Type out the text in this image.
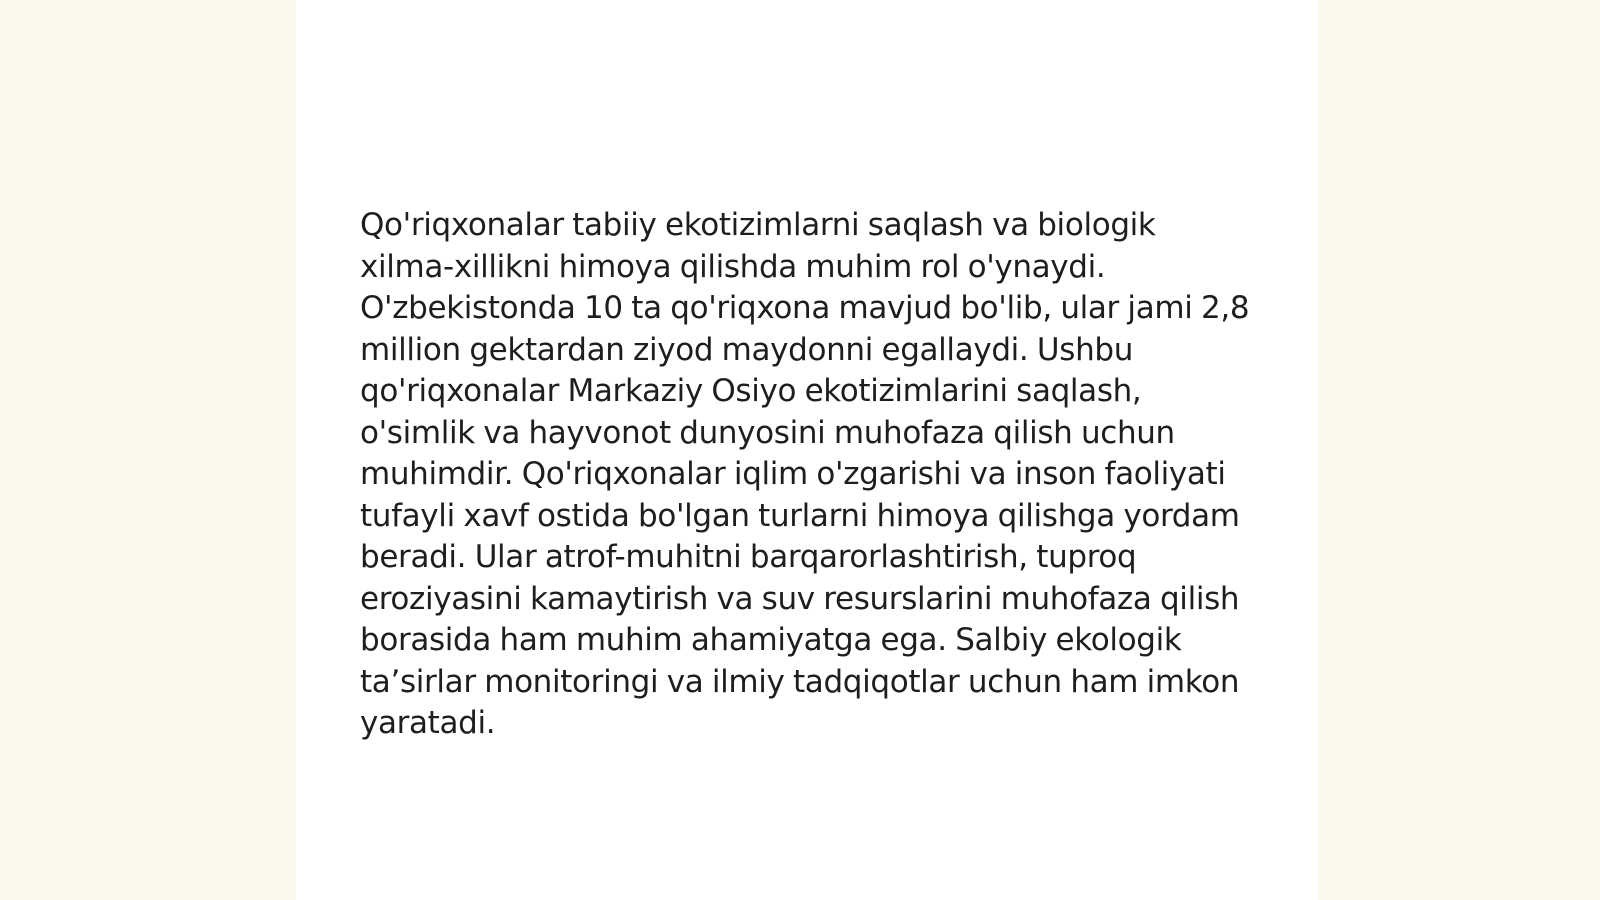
Qo'riqxonalar tabiiy ekotizimlarni saqlash va biologik xilma-xillikni himoya qilishda muhim rol o'ynaydi. O'zbekistonda 10 ta qo'riqxona mavjud bo'lib, ular jami 2,8 million gektardan ziyod maydonni egallaydi. Ushbu qo'riqxonalar Markaziy Osiyo ekotizimlarini saqlash, o'simlik va hayvonot dunyosini muhofaza qilish uchun muhimdir. Qo'riqxonalar iqlim o'zgarishi va inson faoliyati tufayli xavf ostida bo'lgan turlarni himoya qilishga yordam beradi. Ular atrof-muhitni barqarorlashtirish, tuproq eroziyasini kamaytirish va suv resurslarini muhofaza qilish borasida ham muhim ahamiyatga ega. Salbiy ekologik ta’sirlar monitoringi va ilmiy tadqiqotlar uchun ham imkon yaratadi.
